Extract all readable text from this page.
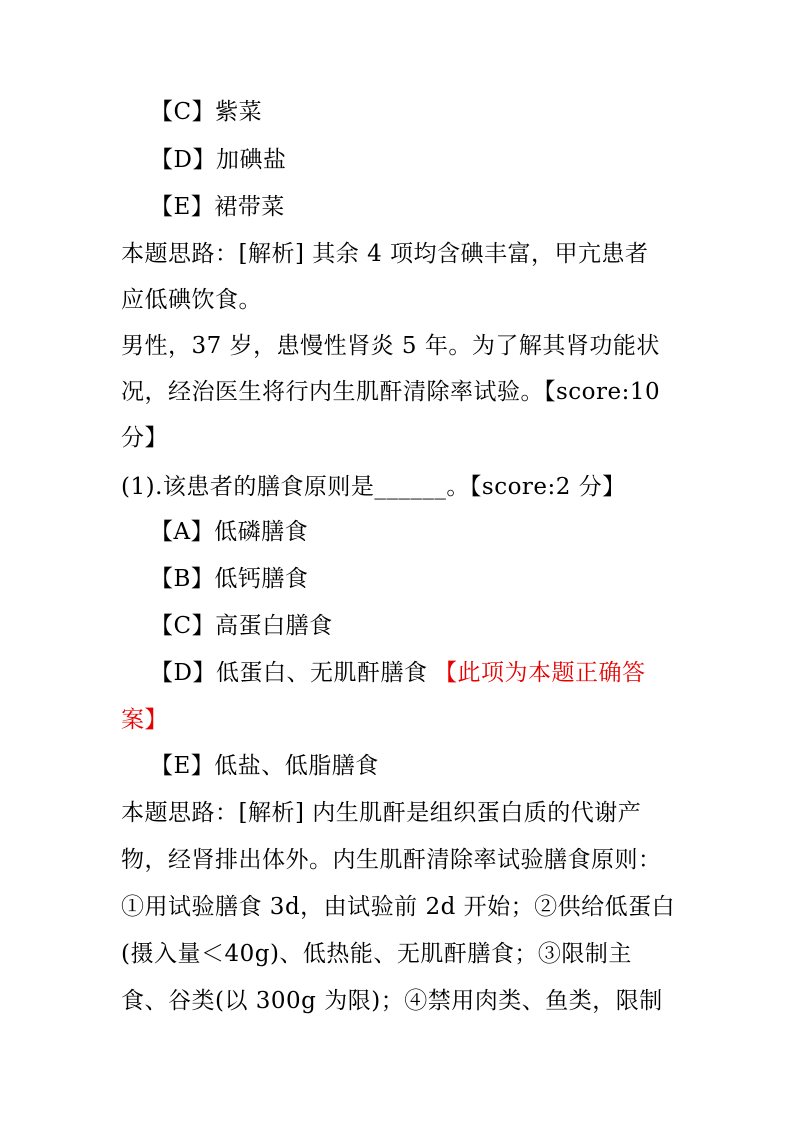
【C】紫菜
【D】加碘盐
【E】裙带菜
本题思路：[解析] 其余 4 项均含碘丰富，甲亢患者
应低碘饮食。
男性，37 岁，患慢性肾炎 5 年。为了解其肾功能状
况，经治医生将行内生肌酐清除率试验。【score:10
分】
(1).该患者的膳食原则是______。【score:2 分】
【A】低磷膳食
【B】低钙膳食
【C】高蛋白膳食
【D】低蛋白、无肌酐膳食 【此项为本题正确答
案】
【E】低盐、低脂膳食
本题思路：[解析] 内生肌酐是组织蛋白质的代谢产
物，经肾排出体外。内生肌酐清除率试验膳食原则：
①用试验膳食 3d，由试验前 2d 开始；②供给低蛋白
(摄入量＜40g)、低热能、无肌酐膳食；③限制主
食、谷类(以 300g 为限)；④禁用肉类、鱼类，限制
